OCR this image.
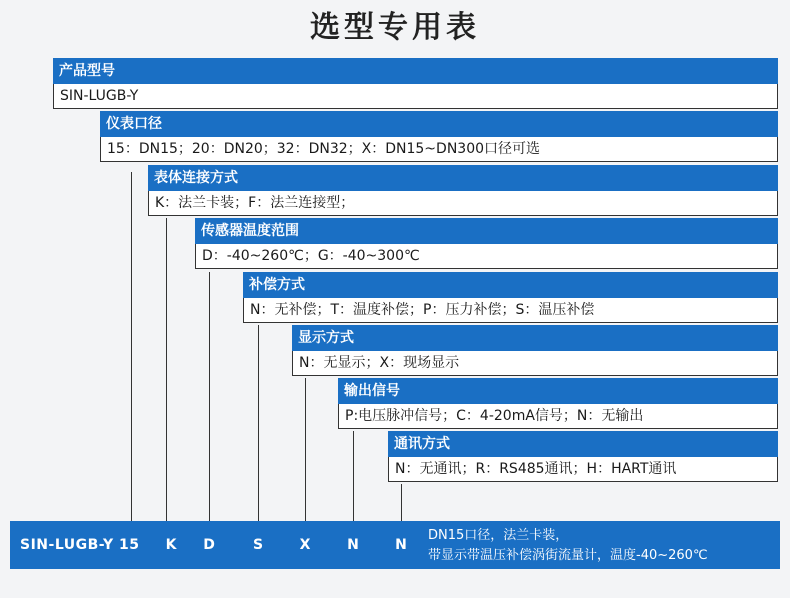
选型专用表
产品型号
SIN-LUGB-Y
仪表口径
15：DN15；20：DN20；32：DN32；X：DN15~DN300口径可选
表体连接方式
K：法兰卡装；F：法兰连接型；
传感器温度范围
D：-40~260℃；G：-40~300℃
补偿方式
N：无补偿；T：温度补偿；P：压力补偿；S：温压补偿
显示方式
N：无显示；X：现场显示
输出信号
P:电压脉冲信号；C：4-20mA信号；N：无输出
通讯方式
N：无通讯；R：RS485通讯；H：HART通讯
SIN-LUGB-Y 15 K D	S	X	N	N
DN15口径，法兰卡装，
带显示带温压补偿涡街流量计，温度-40~260℃
